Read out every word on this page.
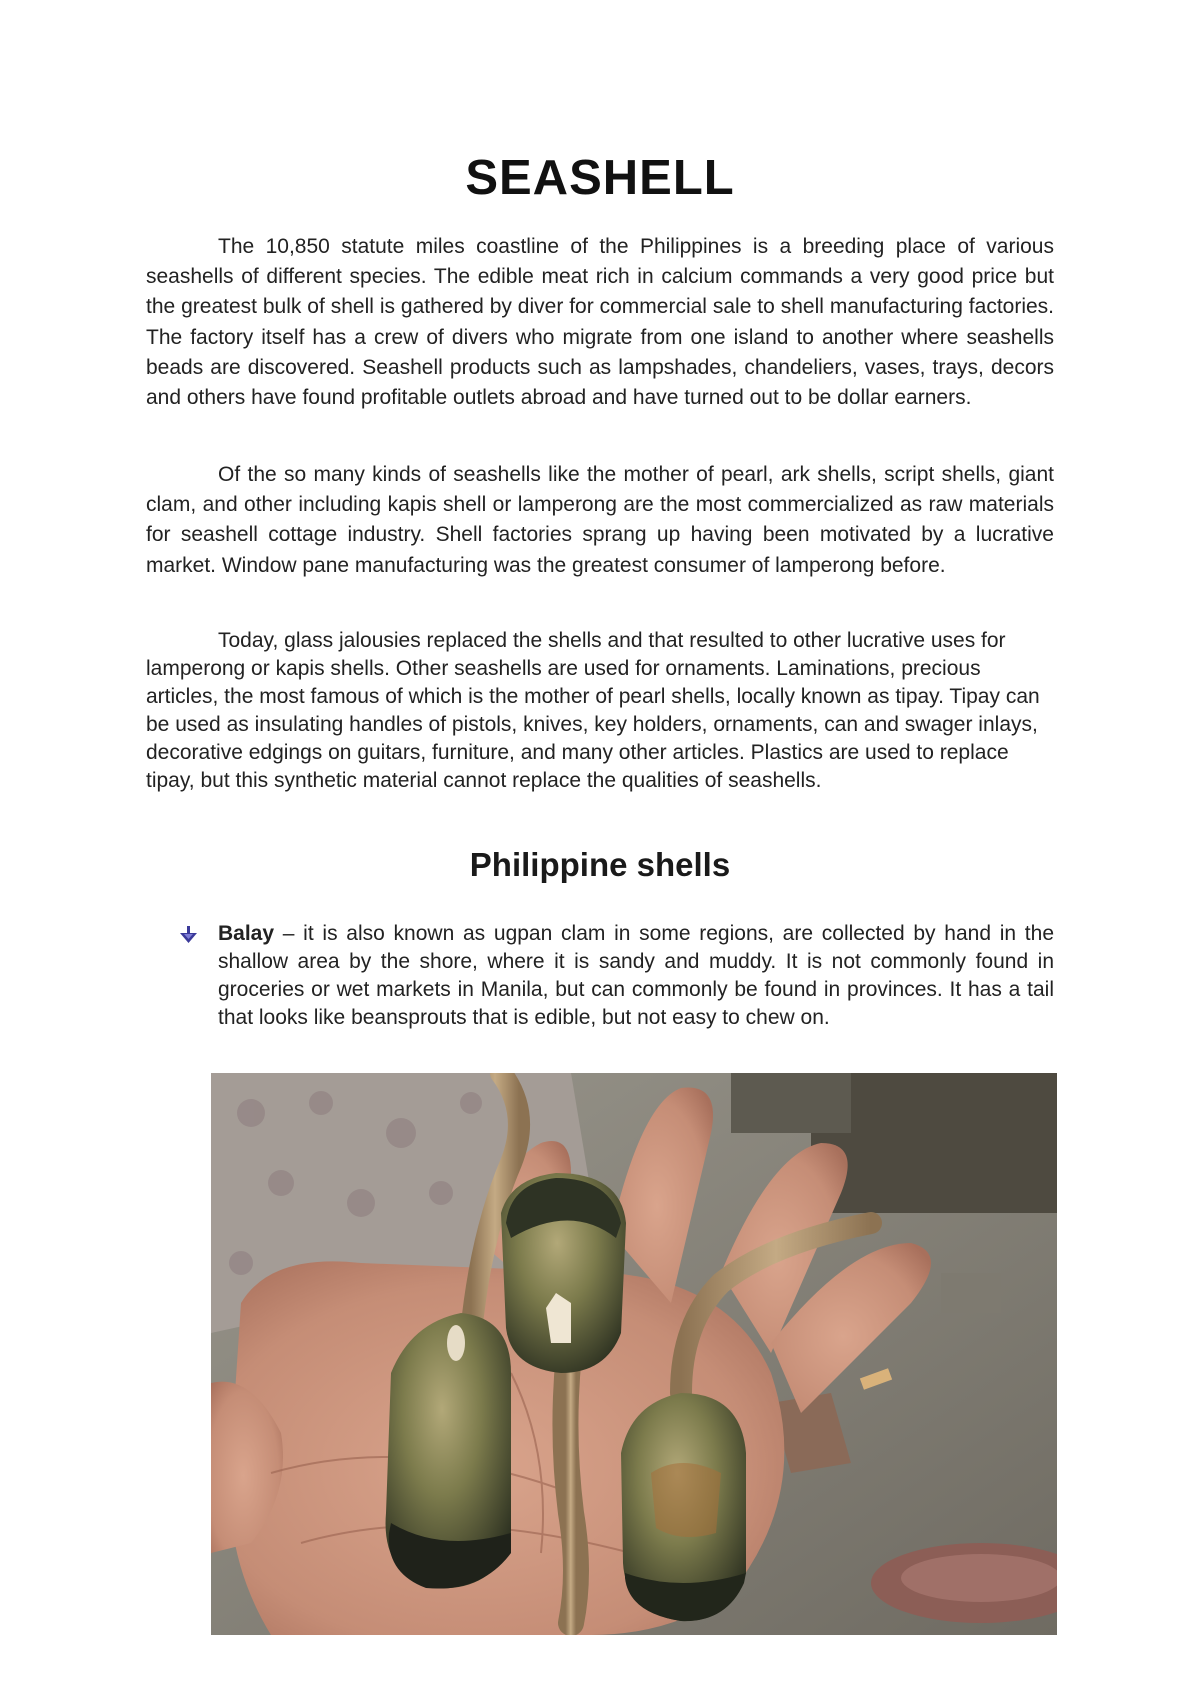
SEASHELL

The 10,850 statute miles coastline of the Philippines is a breeding place of various seashells of different species. The edible meat rich in calcium commands a very good price but the greatest bulk of shell is gathered by diver for commercial sale to shell manufacturing factories. The factory itself has a crew of divers who migrate from one island to another where seashells beads are discovered. Seashell products such as lampshades, chandeliers, vases, trays, decors and others have found profitable outlets abroad and have turned out to be dollar earners.

Of the so many kinds of seashells like the mother of pearl, ark shells, script shells, giant clam, and other including kapis shell or lamperong are the most commercialized as raw materials for seashell cottage industry. Shell factories sprang up having been motivated by a lucrative market. Window pane manufacturing was the greatest consumer of lamperong before.

Today, glass jalousies replaced the shells and that resulted to other lucrative uses for lamperong or kapis shells. Other seashells are used for ornaments. Laminations, precious articles, the most famous of which is the mother of pearl shells, locally known as tipay. Tipay can be used as insulating handles of pistols, knives, key holders, ornaments, can and swager inlays, decorative edgings on guitars, furniture, and many other articles. Plastics are used to replace tipay, but this synthetic material cannot replace the qualities of seashells.

Philippine shells

Balay – it is also known as ugpan clam in some regions, are collected by hand in the shallow area by the shore, where it is sandy and muddy. It is not commonly found in groceries or wet markets in Manila, but can commonly be found in provinces. It has a tail that looks like beansprouts that is edible, but not easy to chew on.
